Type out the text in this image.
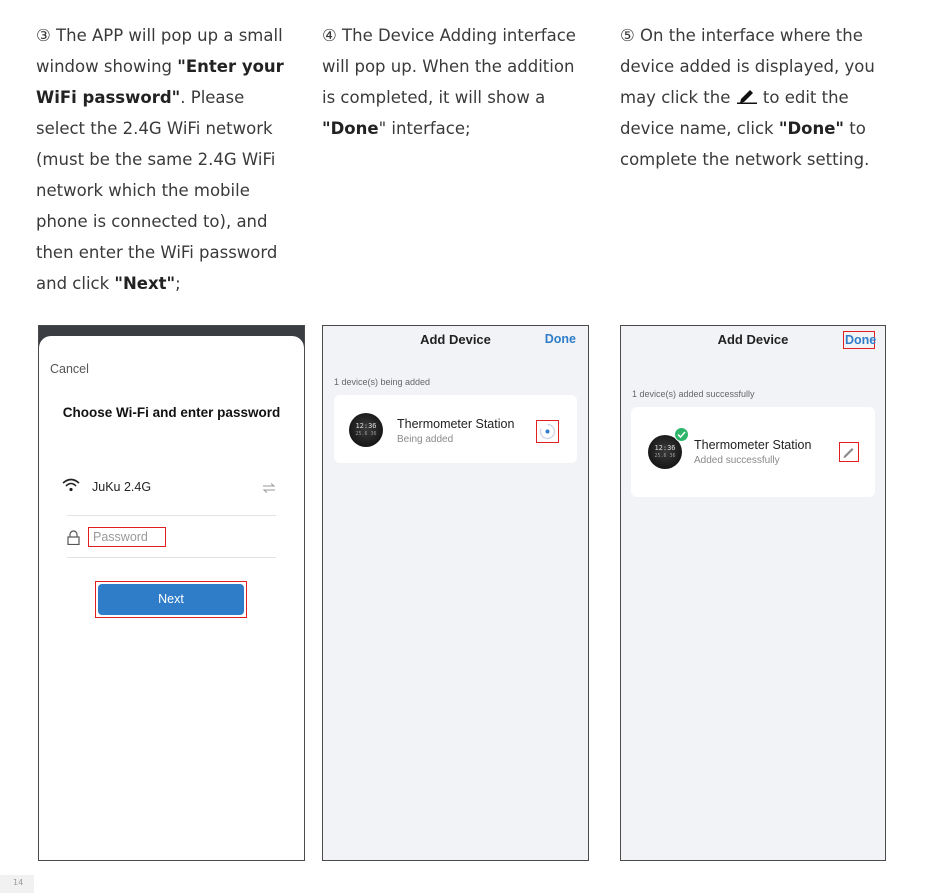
③ The APP will pop up a small window showing "Enter your WiFi password". Please select the 2.4G WiFi network (must be the same 2.4G WiFi network which the mobile phone is connected to), and then enter the WiFi password and click "Next";
④ The Device Adding interface will pop up. When the addition is completed, it will show a "Done" interface;
⑤ On the interface where the device added is displayed, you may click the  to edit the device name, click "Done" to complete the network setting.
Cancel
Choose Wi-Fi and enter password
JuKu 2.4G
Password
Next
Add Device	Done
1 device(s) being added
12:36
25.6 36
Thermometer Station
Being added
Add Device	Done
1 device(s) added successfully
12:36
25.6 36
Thermometer Station
Added successfully
14
